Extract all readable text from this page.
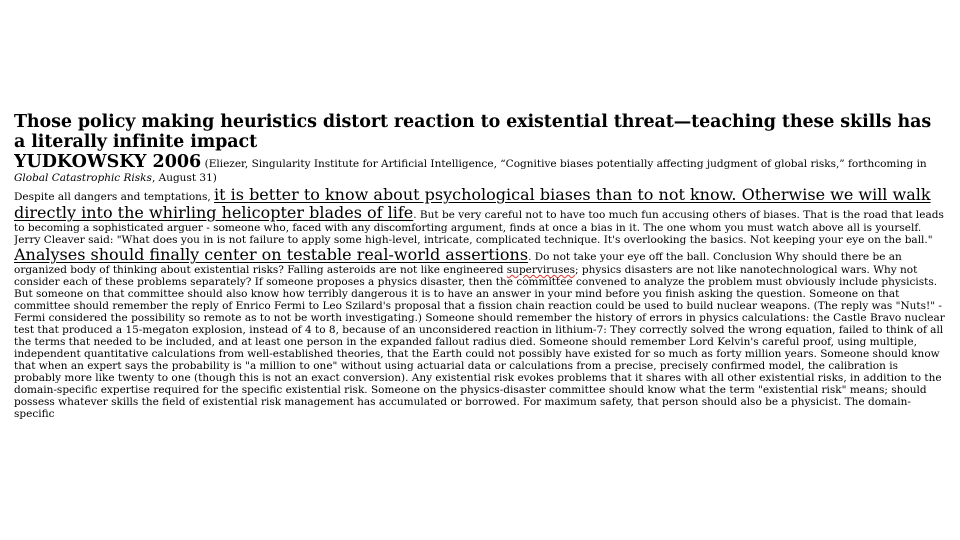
Those policy making heuristics distort reaction to existential threat—teaching these skills has a literally infinite impact

YUDKOWSKY 2006 (Eliezer, Singularity Institute for Artificial Intelligence, “Cognitive biases potentially affecting judgment of global risks,” forthcoming in
Global Catastrophic Risks, August 31)

Despite all dangers and temptations, it is better to know about psychological biases than to not know. Otherwise we will walk directly into the whirling helicopter blades of life. But be very careful not to have too much fun accusing others of biases. That is the road that leads to becoming a sophisticated arguer - someone who, faced with any discomforting argument, finds at once a bias in it. The one whom you must watch above all is yourself. Jerry Cleaver said: "What does you in is not failure to apply some high-level, intricate, complicated technique. It's overlooking the basics. Not keeping your eye on the ball." Analyses should finally center on testable real-world assertions. Do not take your eye off the ball. Conclusion Why should there be an organized body of thinking about existential risks? Falling asteroids are not like engineered superviruses; physics disasters are not like nanotechnological wars. Why not consider each of these problems separately? If someone proposes a physics disaster, then the committee convened to analyze the problem must obviously include physicists. But someone on that committee should also know how terribly dangerous it is to have an answer in your mind before you finish asking the question. Someone on that committee should remember the reply of Enrico Fermi to Leo Szilard's proposal that a fission chain reaction could be used to build nuclear weapons. (The reply was "Nuts!" - Fermi considered the possibility so remote as to not be worth investigating.) Someone should remember the history of errors in physics calculations: the Castle Bravo nuclear test that produced a 15-megaton explosion, instead of 4 to 8, because of an unconsidered reaction in lithium-7: They correctly solved the wrong equation, failed to think of all the terms that needed to be included, and at least one person in the expanded fallout radius died. Someone should remember Lord Kelvin's careful proof, using multiple, independent quantitative calculations from well-established theories, that the Earth could not possibly have existed for so much as forty million years. Someone should know that when an expert says the probability is "a million to one" without using actuarial data or calculations from a precise, precisely confirmed model, the calibration is probably more like twenty to one (though this is not an exact conversion). Any existential risk evokes problems that it shares with all other existential risks, in addition to the domain-specific expertise required for the specific existential risk. Someone on the physics-disaster committee should know what the term "existential risk" means; should possess whatever skills the field of existential risk management has accumulated or borrowed. For maximum safety, that person should also be a physicist. The domain-specific
